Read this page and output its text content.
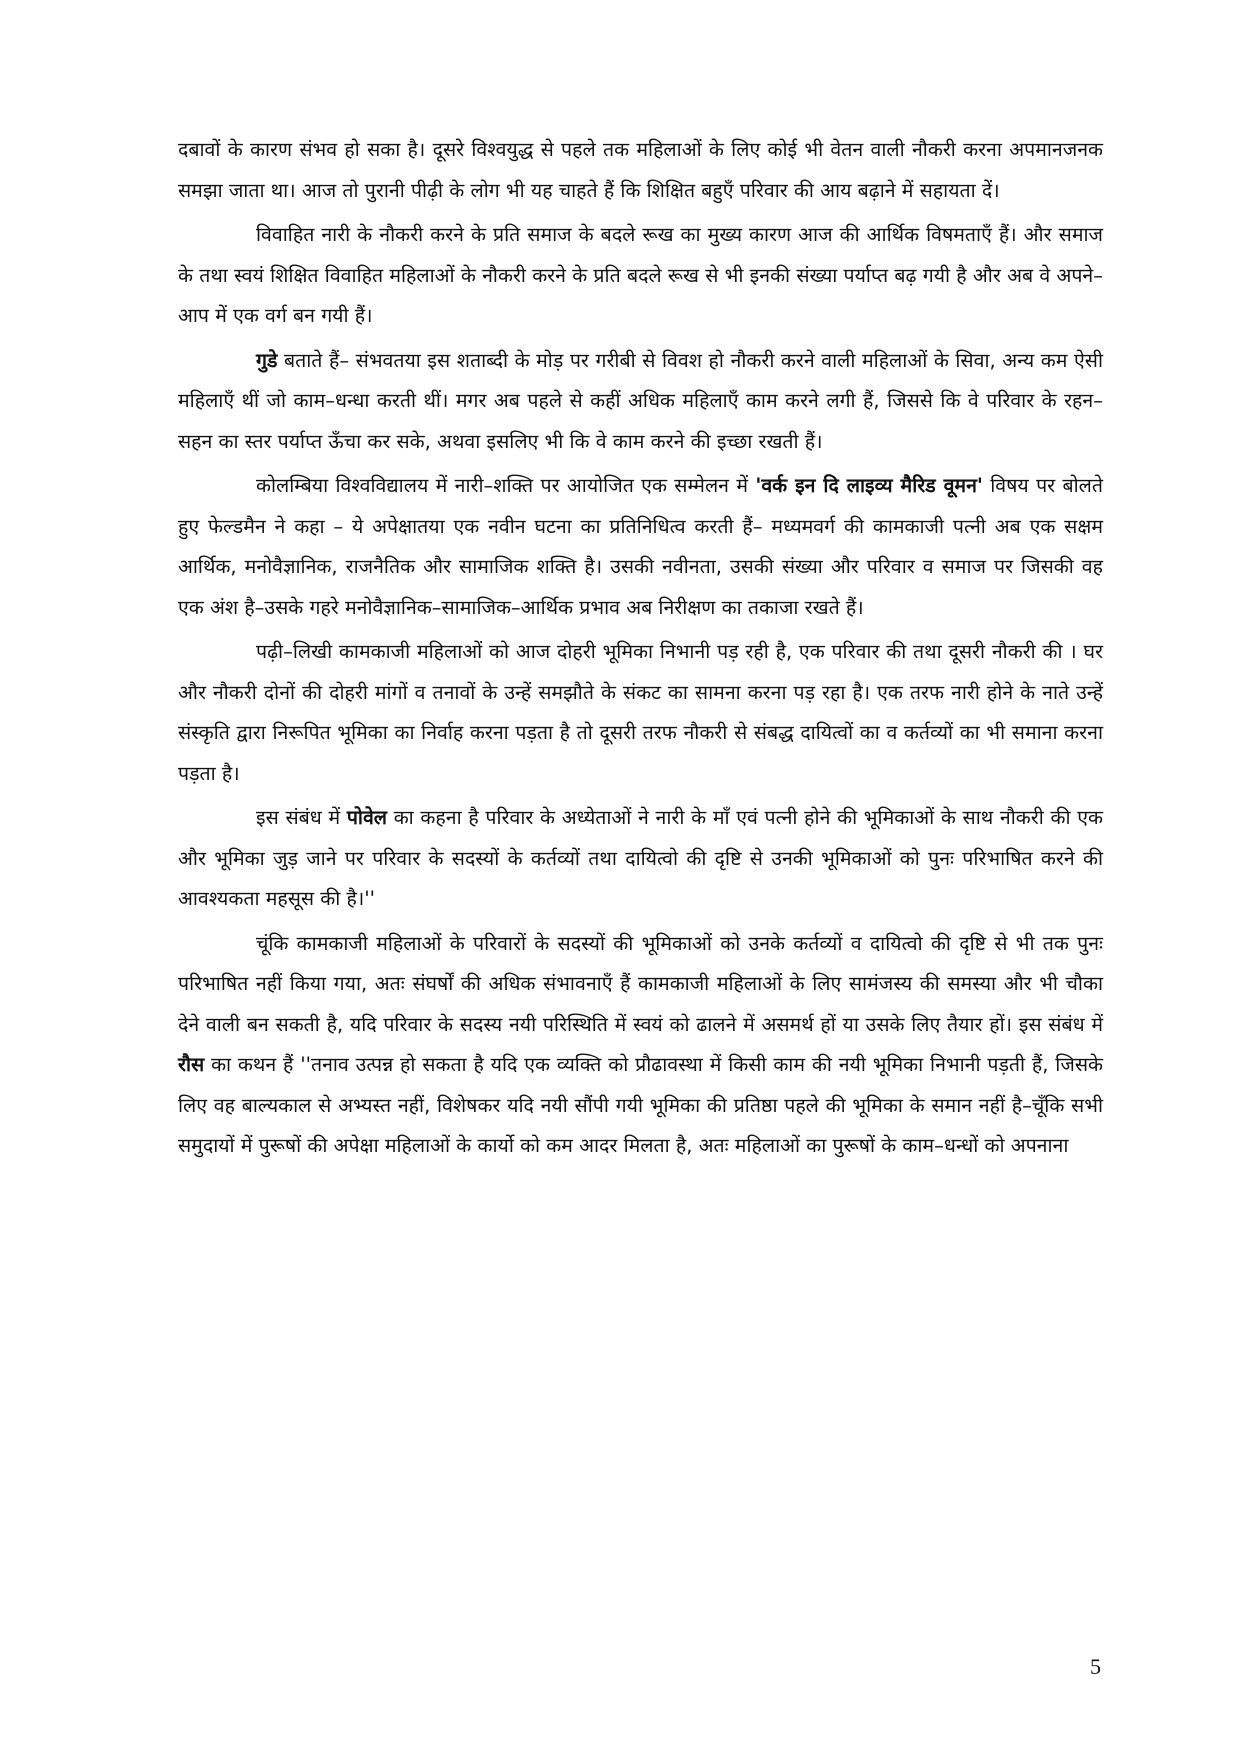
दबावों के कारण संभव हो सका है। दूसरे विश्वयुद्ध से पहले तक महिलाओं के लिए कोई भी वेतन वाली नौकरी करना अपमानजनक समझा जाता था। आज तो पुरानी पीढ़ी के लोग भी यह चाहते हैं कि शिक्षित बहुएँ परिवार की आय बढ़ाने में सहायता दें।

विवाहित नारी के नौकरी करने के प्रति समाज के बदले रूख का मुख्य कारण आज की आर्थिक विषमताएँ हैं। और समाज के तथा स्वयं शिक्षित विवाहित महिलाओं के नौकरी करने के प्रति बदले रूख से भी इनकी संख्या पर्याप्त बढ़ गयी है और अब वे अपने–आप में एक वर्ग बन गयी हैं।

गुडे बताते हैं– संभवतया इस शताब्दी के मोड़ पर गरीबी से विवश हो नौकरी करने वाली महिलाओं के सिवा, अन्य कम ऐसी महिलाएँ थीं जो काम–धन्धा करती थीं। मगर अब पहले से कहीं अधिक महिलाएँ काम करने लगी हैं, जिससे कि वे परिवार के रहन–सहन का स्तर पर्याप्त ऊँचा कर सके, अथवा इसलिए भी कि वे काम करने की इच्छा रखती हैं।

कोलम्बिया विश्वविद्यालय में नारी–शक्ति पर आयोजित एक सम्मेलन में 'वर्क इन दि लाइव्य मैरिड वूमन' विषय पर बोलते हुए फेल्डमैन ने कहा – ये अपेक्षातया एक नवीन घटना का प्रतिनिधित्व करती हैं– मध्यमवर्ग की कामकाजी पत्नी अब एक सक्षम आर्थिक, मनोवैज्ञानिक, राजनैतिक और सामाजिक शक्ति है। उसकी नवीनता, उसकी संख्या और परिवार व समाज पर जिसकी वह एक अंश है–उसके गहरे मनोवैज्ञानिक–सामाजिक–आर्थिक प्रभाव अब निरीक्षण का तकाजा रखते हैं।

पढ़ी–लिखी कामकाजी महिलाओं को आज दोहरी भूमिका निभानी पड़ रही है, एक परिवार की तथा दूसरी नौकरी की । घर और नौकरी दोनों की दोहरी मांगों व तनावों के उन्हें समझौते के संकट का सामना करना पड़ रहा है। एक तरफ नारी होने के नाते उन्हें संस्कृति द्वारा निरूपित भूमिका का निर्वाह करना पड़ता है तो दूसरी तरफ नौकरी से संबद्ध दायित्वों का व कर्तव्यों का भी समाना करना पड़ता है।

इस संबंध में पोवेल का कहना है परिवार के अध्येताओं ने नारी के माँ एवं पत्नी होने की भूमिकाओं के साथ नौकरी की एक और भूमिका जुड़ जाने पर परिवार के सदस्यों के कर्तव्यों तथा दायित्वो की दृष्टि से उनकी भूमिकाओं को पुनः परिभाषित करने की आवश्यकता महसूस की है।''

चूंकि कामकाजी महिलाओं के परिवारों के सदस्यों की भूमिकाओं को उनके कर्तव्यों व दायित्वो की दृष्टि से भी तक पुनः परिभाषित नहीं किया गया, अतः संघर्षों की अधिक संभावनाएँ हैं कामकाजी महिलाओं के लिए सामंजस्य की समस्या और भी चौका देने वाली बन सकती है, यदि परिवार के सदस्य नयी परिस्थिति में स्वयं को ढालने में असमर्थ हों या उसके लिए तैयार हों। इस संबंध में रौस का कथन हैं ''तनाव उत्पन्न हो सकता है यदि एक व्यक्ति को प्रौढावस्था में किसी काम की नयी भूमिका निभानी पड़ती हैं, जिसके लिए वह बाल्यकाल से अभ्यस्त नहीं, विशेषकर यदि नयी सौंपी गयी भूमिका की प्रतिष्ठा पहले की भूमिका के समान नहीं है–चूँकि सभी समुदायों में पुरूषों की अपेक्षा महिलाओं के कार्यो को कम आदर मिलता है, अतः महिलाओं का पुरूषों के काम–धन्धों को अपनाना

5
